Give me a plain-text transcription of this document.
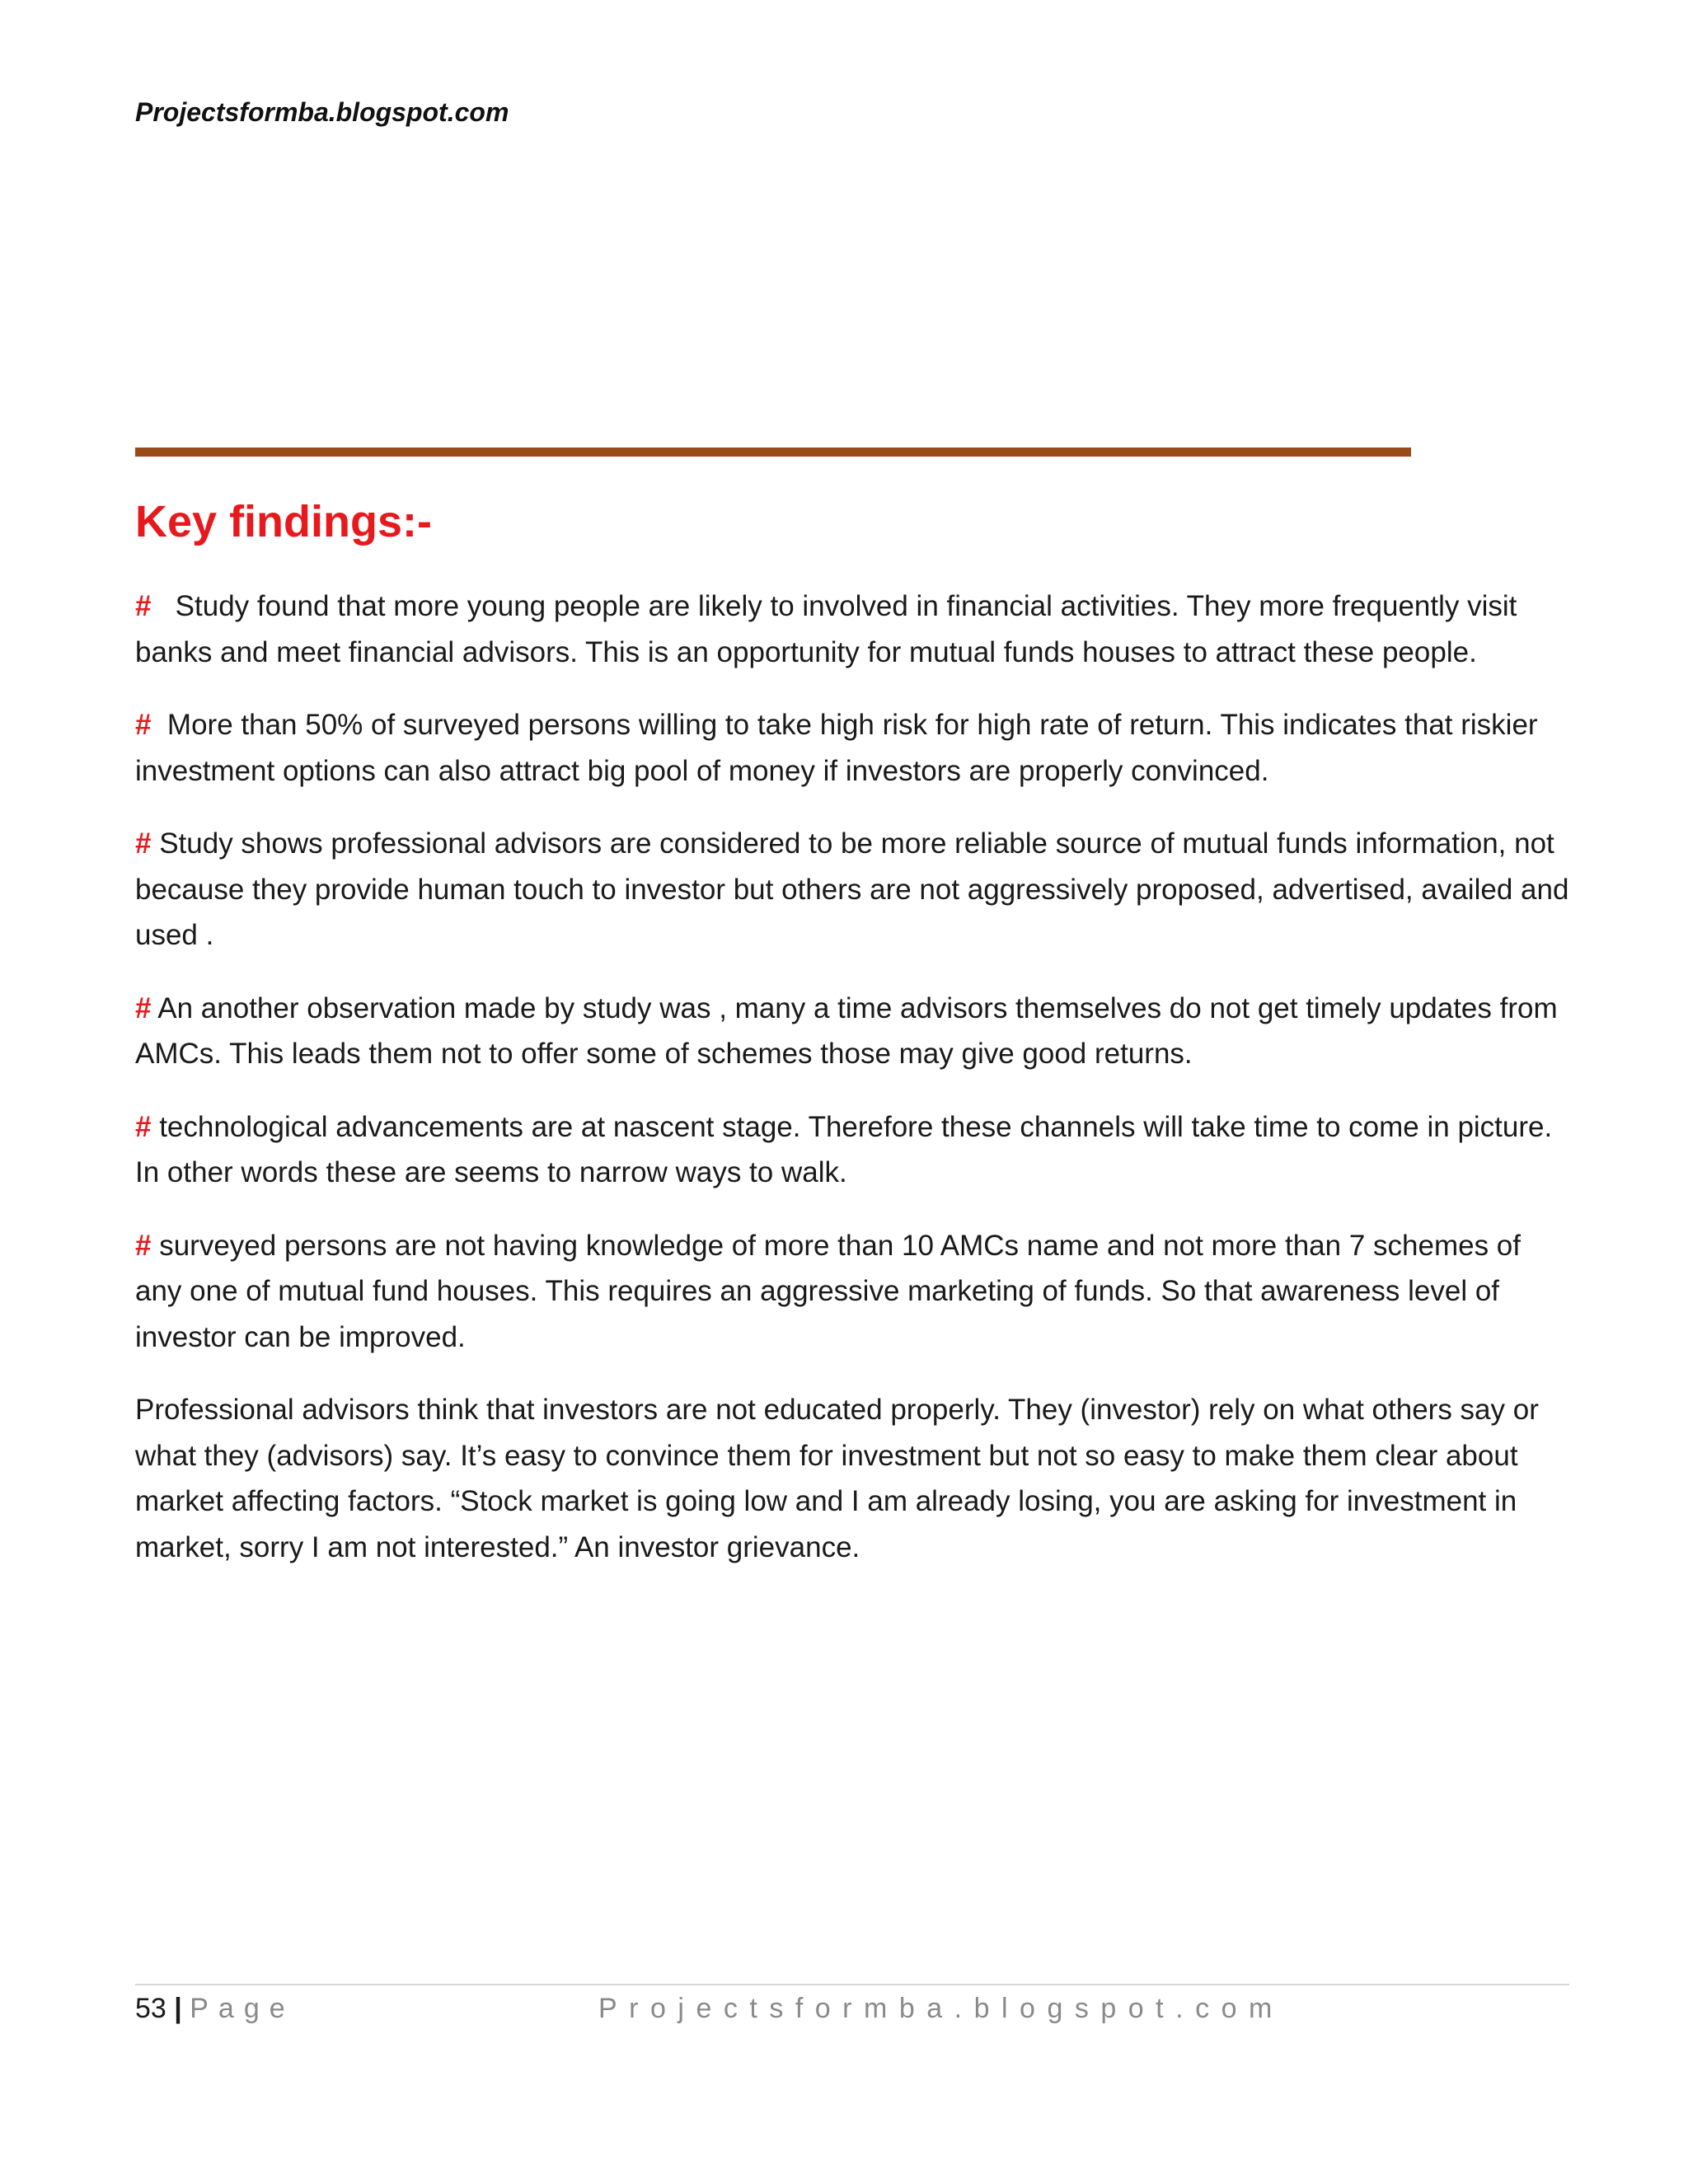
Projectsformba.blogspot.com
Key findings:-

# Study found that more young people are likely to involved in financial activities. They more frequently visit banks and meet financial advisors. This is an opportunity for mutual funds houses to attract these people.

# More than 50% of surveyed persons willing to take high risk for high rate of return. This indicates that riskier investment options can also attract big pool of money if investors are properly convinced.

# Study shows professional advisors are considered to be more reliable source of mutual funds information, not because they provide human touch to investor but others are not aggressively proposed, advertised, availed and used .

# An another observation made by study was , many a time advisors themselves do not get timely updates from AMCs. This leads them not to offer some of schemes those may give good returns.

# technological advancements are at nascent stage. Therefore these channels will take time to come in picture. In other words these are seems to narrow ways to walk.

# surveyed persons are not having knowledge of more than 10 AMCs name and not more than 7 schemes of any one of mutual fund houses. This requires an aggressive marketing of funds. So that awareness level of investor can be improved.

Professional advisors think that investors are not educated properly. They (investor) rely on what others say or what they (advisors) say. It’s easy to convince them for investment but not so easy to make them clear about market affecting factors. “Stock market is going low and I am already losing, you are asking for investment in market, sorry I am not interested.” An investor grievance.

53 | Page	Projectsformba.blogspot.com
